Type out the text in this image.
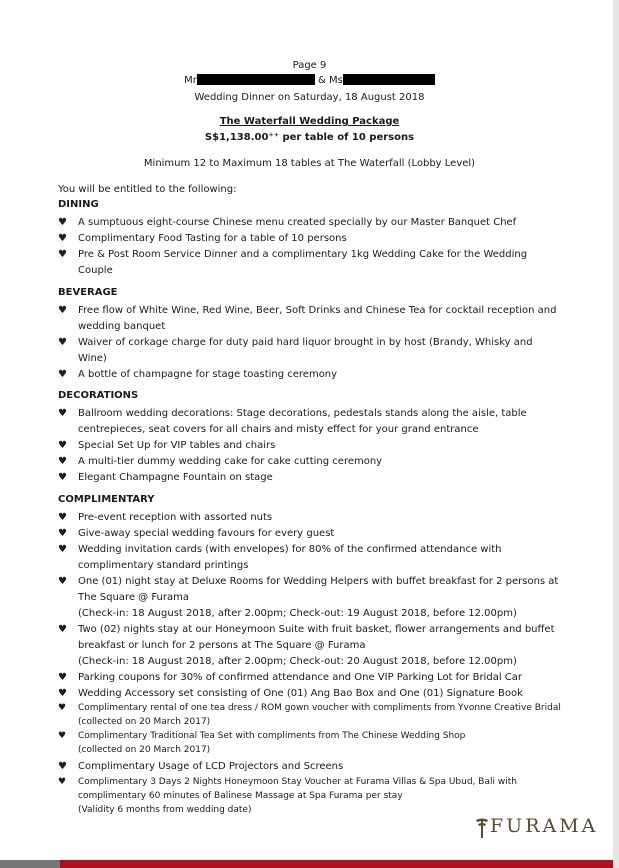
Page 9
Mr	& Ms
Wedding Dinner on Saturday, 18 August 2018
The Waterfall Wedding Package
S$1,138.00⁺⁺ per table of 10 persons
Minimum 12 to Maximum 18 tables at The Waterfall (Lobby Level)
You will be entitled to the following:
DINING
♥	A sumptuous eight-course Chinese menu created specially by our Master Banquet Chef
♥	Complimentary Food Tasting for a table of 10 persons
♥	Pre & Post Room Service Dinner and a complimentary 1kg Wedding Cake for the Wedding Couple
BEVERAGE
♥	Free flow of White Wine, Red Wine, Beer, Soft Drinks and Chinese Tea for cocktail reception and wedding banquet
♥	Waiver of corkage charge for duty paid hard liquor brought in by host (Brandy, Whisky and Wine)
♥	A bottle of champagne for stage toasting ceremony
DECORATIONS
♥	Ballroom wedding decorations: Stage decorations, pedestals stands along the aisle, table centrepieces, seat covers for all chairs and misty effect for your grand entrance
♥	Special Set Up for VIP tables and chairs
♥	A multi-tier dummy wedding cake for cake cutting ceremony
♥	Elegant Champagne Fountain on stage
COMPLIMENTARY
♥	Pre-event reception with assorted nuts
♥	Give-away special wedding favours for every guest
♥	Wedding invitation cards (with envelopes) for 80% of the confirmed attendance with complimentary standard printings
♥	One (01) night stay at Deluxe Rooms for Wedding Helpers with buffet breakfast for 2 persons at The Square @ Furama
(Check-in: 18 August 2018, after 2.00pm; Check-out: 19 August 2018, before 12.00pm)
♥	Two (02) nights stay at our Honeymoon Suite with fruit basket, flower arrangements and buffet breakfast or lunch for 2 persons at The Square @ Furama
(Check-in: 18 August 2018, after 2.00pm; Check-out: 20 August 2018, before 12.00pm)
♥	Parking coupons for 30% of confirmed attendance and One VIP Parking Lot for Bridal Car
♥	Wedding Accessory set consisting of One (01) Ang Bao Box and One (01) Signature Book
♥	Complimentary rental of one tea dress / ROM gown voucher with compliments from Yvonne Creative Bridal (collected on 20 March 2017)
♥	Complimentary Traditional Tea Set with compliments from The Chinese Wedding Shop
(collected on 20 March 2017)
♥	Complimentary Usage of LCD Projectors and Screens
♥	Complimentary 3 Days 2 Nights Honeymoon Stay Voucher at Furama Villas & Spa Ubud, Bali with complimentary 60 minutes of Balinese Massage at Spa Furama per stay
(Validity 6 months from wedding date)
FURAMA
